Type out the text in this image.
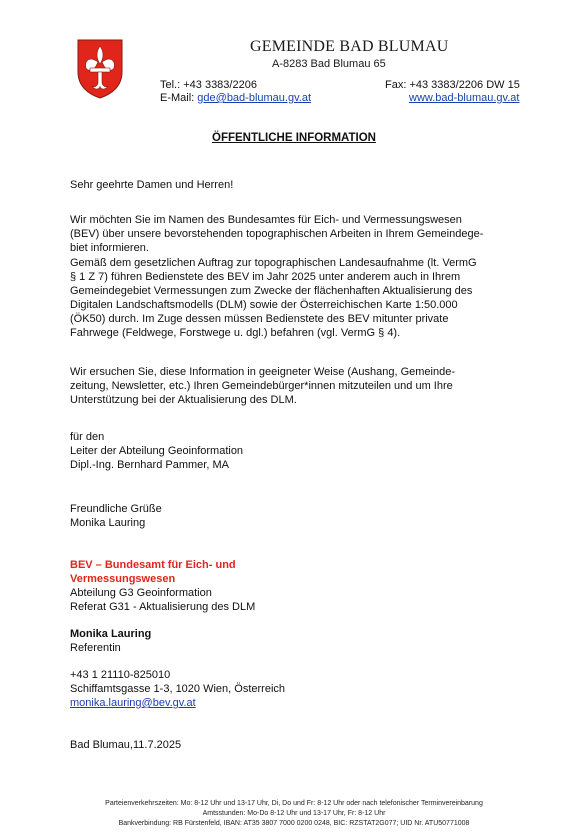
GEMEINDE BAD BLUMAU
A-8283 Bad Blumau 65
Tel.: +43 3383/2206
E-Mail: gde@bad-blumau.gv.at
Fax: +43 3383/2206 DW 15
www.bad-blumau.gv.at
ÖFFENTLICHE INFORMATION

Sehr geehrte Damen und Herren!

Wir möchten Sie im Namen des Bundesamtes für Eich- und Vermessungswesen

(BEV) über unsere bevorstehenden topographischen Arbeiten in Ihrem Gemeindege-

biet informieren.

Gemäß dem gesetzlichen Auftrag zur topographischen Landesaufnahme (lt. VermG

§ 1 Z 7) führen Bedienstete des BEV im Jahr 2025 unter anderem auch in Ihrem

Gemeindegebiet Vermessungen zum Zwecke der flächenhaften Aktualisierung des

Digitalen Landschaftsmodells (DLM) sowie der Österreichischen Karte 1:50.000

(ÖK50) durch. Im Zuge dessen müssen Bedienstete des BEV mitunter private

Fahrwege (Feldwege, Forstwege u. dgl.) befahren (vgl. VermG § 4).

Wir ersuchen Sie, diese Information in geeigneter Weise (Aushang, Gemeinde-

zeitung, Newsletter, etc.) Ihren Gemeindebürger*innen mitzuteilen und um Ihre

Unterstützung bei der Aktualisierung des DLM.

für den

Leiter der Abteilung Geoinformation

Dipl.-Ing. Bernhard Pammer, MA

Freundliche Grüße

Monika Lauring

BEV – Bundesamt für Eich- und

Vermessungswesen

Abteilung G3 Geoinformation

Referat G31 - Aktualisierung des DLM

Monika Lauring

Referentin

+43 1 21110-825010

Schiffamtsgasse 1-3, 1020 Wien, Österreich

monika.lauring@bev.gv.at

Bad Blumau,11.7.2025

Parteienverkehrszeiten: Mo: 8-12 Uhr und 13-17 Uhr, Di, Do und Fr: 8-12 Uhr oder nach telefonischer Terminvereinbarung
Amtsstunden: Mo-Do 8-12 Uhr und 13-17 Uhr, Fr: 8-12 Uhr
Bankverbindung: RB Fürstenfeld, IBAN: AT35 3807 7000 0200 0248, BIC: RZSTAT2G077; UID Nr. ATU50771008
